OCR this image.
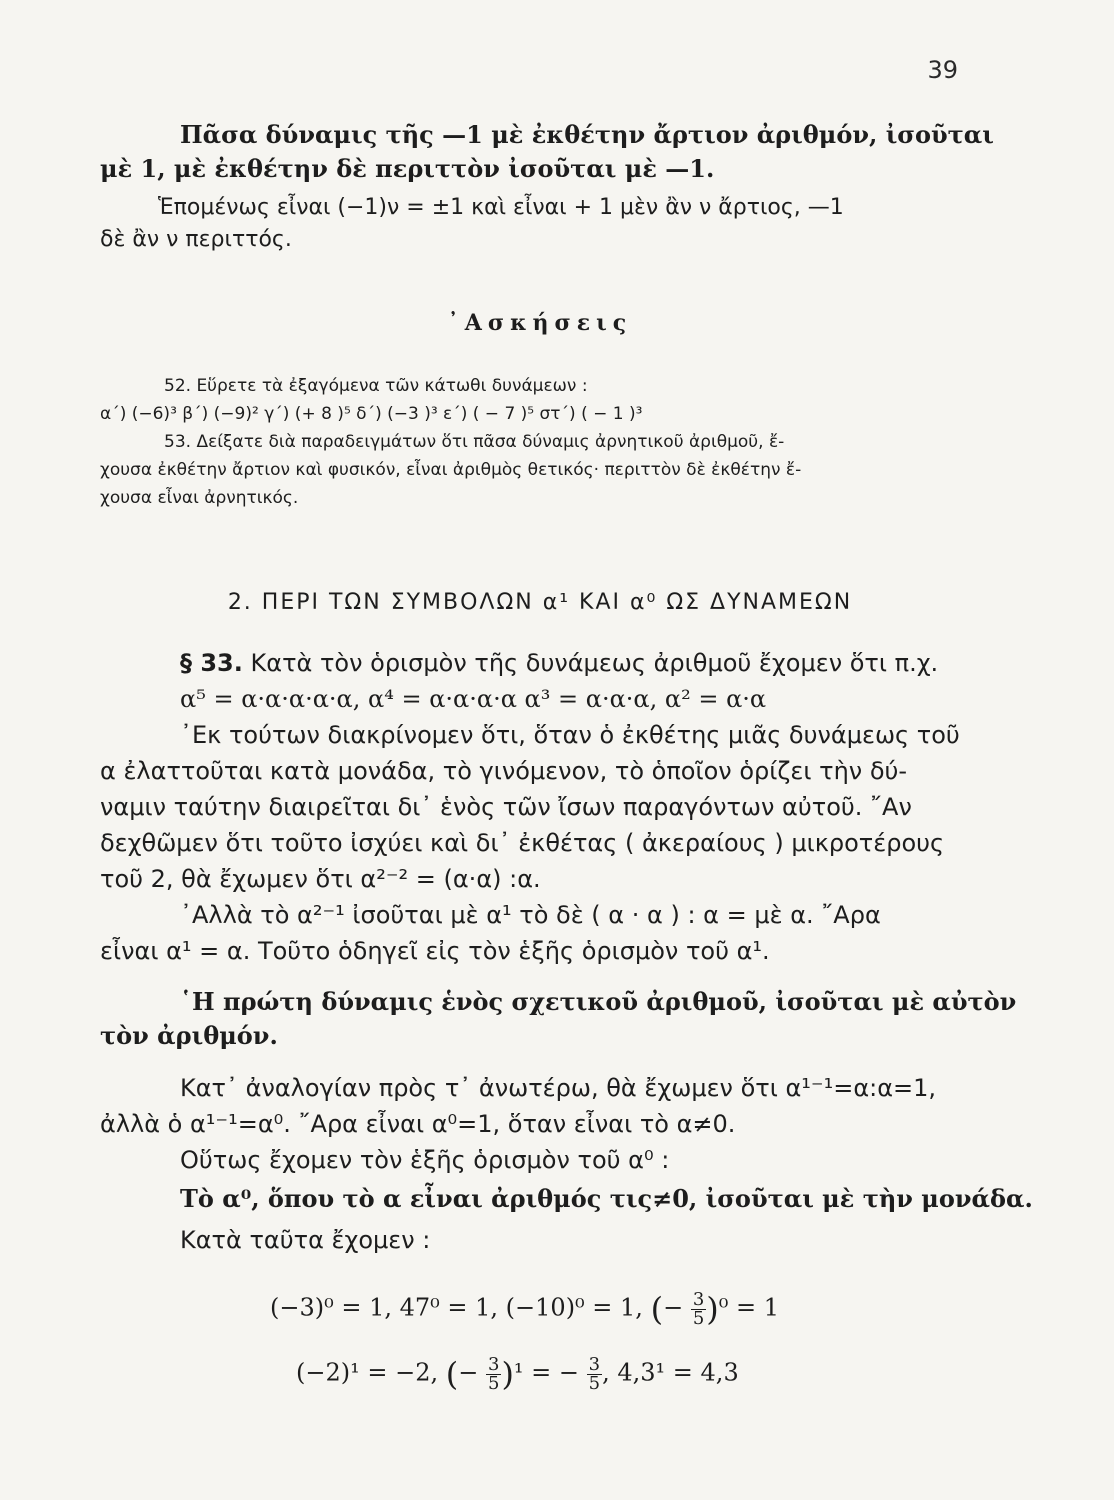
39
Πᾶσα δύναμις τῆς —1 μὲ ἐκθέτην ἄρτιον ἀριθμόν, ἰσοῦται
μὲ 1, μὲ ἐκθέτην δὲ περιττὸν ἰσοῦται μὲ —1.
Ἑπομένως εἶναι (−1)ν = ±1 καὶ εἶναι + 1 μὲν ἂν ν ἄρτιος, —1
δὲ ἂν ν περιττός.
᾿Ασκήσεις
52. Εὕρετε τὰ ἐξαγόμενα τῶν κάτωθι δυνάμεων :
α΄) (−6)³ β΄) (−9)² γ΄) (+ 8 )⁵ δ΄) (−3 )³ ε΄) ( − 7 )⁵ στ΄) ( − 1 )³
53. Δείξατε διὰ παραδειγμάτων ὅτι πᾶσα δύναμις ἀρνητικοῦ ἀριθμοῦ, ἔ-
χουσα ἐκθέτην ἄρτιον καὶ φυσικόν, εἶναι ἀριθμὸς θετικός· περιττὸν δὲ ἐκθέτην ἔ-
χουσα εἶναι ἀρνητικός.
2. ΠΕΡΙ ΤΩΝ ΣΥΜΒΟΛΩΝ α¹ ΚΑΙ α⁰ ΩΣ ΔΥΝΑΜΕΩΝ
§ 33. Κατὰ τὸν ὁρισμὸν τῆς δυνάμεως ἀριθμοῦ ἔχομεν ὅτι π.χ.
α⁵ = α·α·α·α·α, α⁴ = α·α·α·α α³ = α·α·α, α² = α·α
᾿Εκ τούτων διακρίνομεν ὅτι, ὅταν ὁ ἐκθέτης μιᾶς δυνάμεως τοῦ
α ἐλαττοῦται κατὰ μονάδα, τὸ γινόμενον, τὸ ὁποῖον ὁρίζει τὴν δύ-
ναμιν ταύτην διαιρεῖται δι᾿ ἑνὸς τῶν ἴσων παραγόντων αὐτοῦ. ῎Αν
δεχθῶμεν ὅτι τοῦτο ἰσχύει καὶ δι᾿ ἐκθέτας ( ἀκεραίους ) μικροτέρους
τοῦ 2, θὰ ἔχωμεν ὅτι α²⁻² = (α·α) :α.
᾿Αλλὰ τὸ α²⁻¹ ἰσοῦται μὲ α¹ τὸ δὲ ( α · α ) : α = μὲ α. ῎Αρα
εἶναι α¹ = α. Τοῦτο ὁδηγεῖ εἰς τὸν ἑξῆς ὁρισμὸν τοῦ α¹.
῾Η πρώτη δύναμις ἑνὸς σχετικοῦ ἀριθμοῦ, ἰσοῦται μὲ αὐτὸν
τὸν ἀριθμόν.
Κατ᾿ ἀναλογίαν πρὸς τ᾿ ἀνωτέρω, θὰ ἔχωμεν ὅτι α¹⁻¹=α:α=1,
ἀλλὰ ὁ α¹⁻¹=α⁰. ῎Αρα εἶναι α⁰=1, ὅταν εἶναι τὸ α≠0.
Οὕτως ἔχομεν τὸν ἑξῆς ὁρισμὸν τοῦ α⁰ :
Τὸ α⁰, ὅπου τὸ α εἶναι ἀριθμός τις≠0, ἰσοῦται μὲ τὴν μονάδα.
Κατὰ ταῦτα ἔχομεν :
(−3)⁰ = 1, 47⁰ = 1, (−10)⁰ = 1, (− $\frac{3}{5} )^0 = 1$
(−2)¹ = −2, (− $\frac{3}{5} )^1$ = − $\frac{3}{5}$ , 4,3¹ = 4,3
